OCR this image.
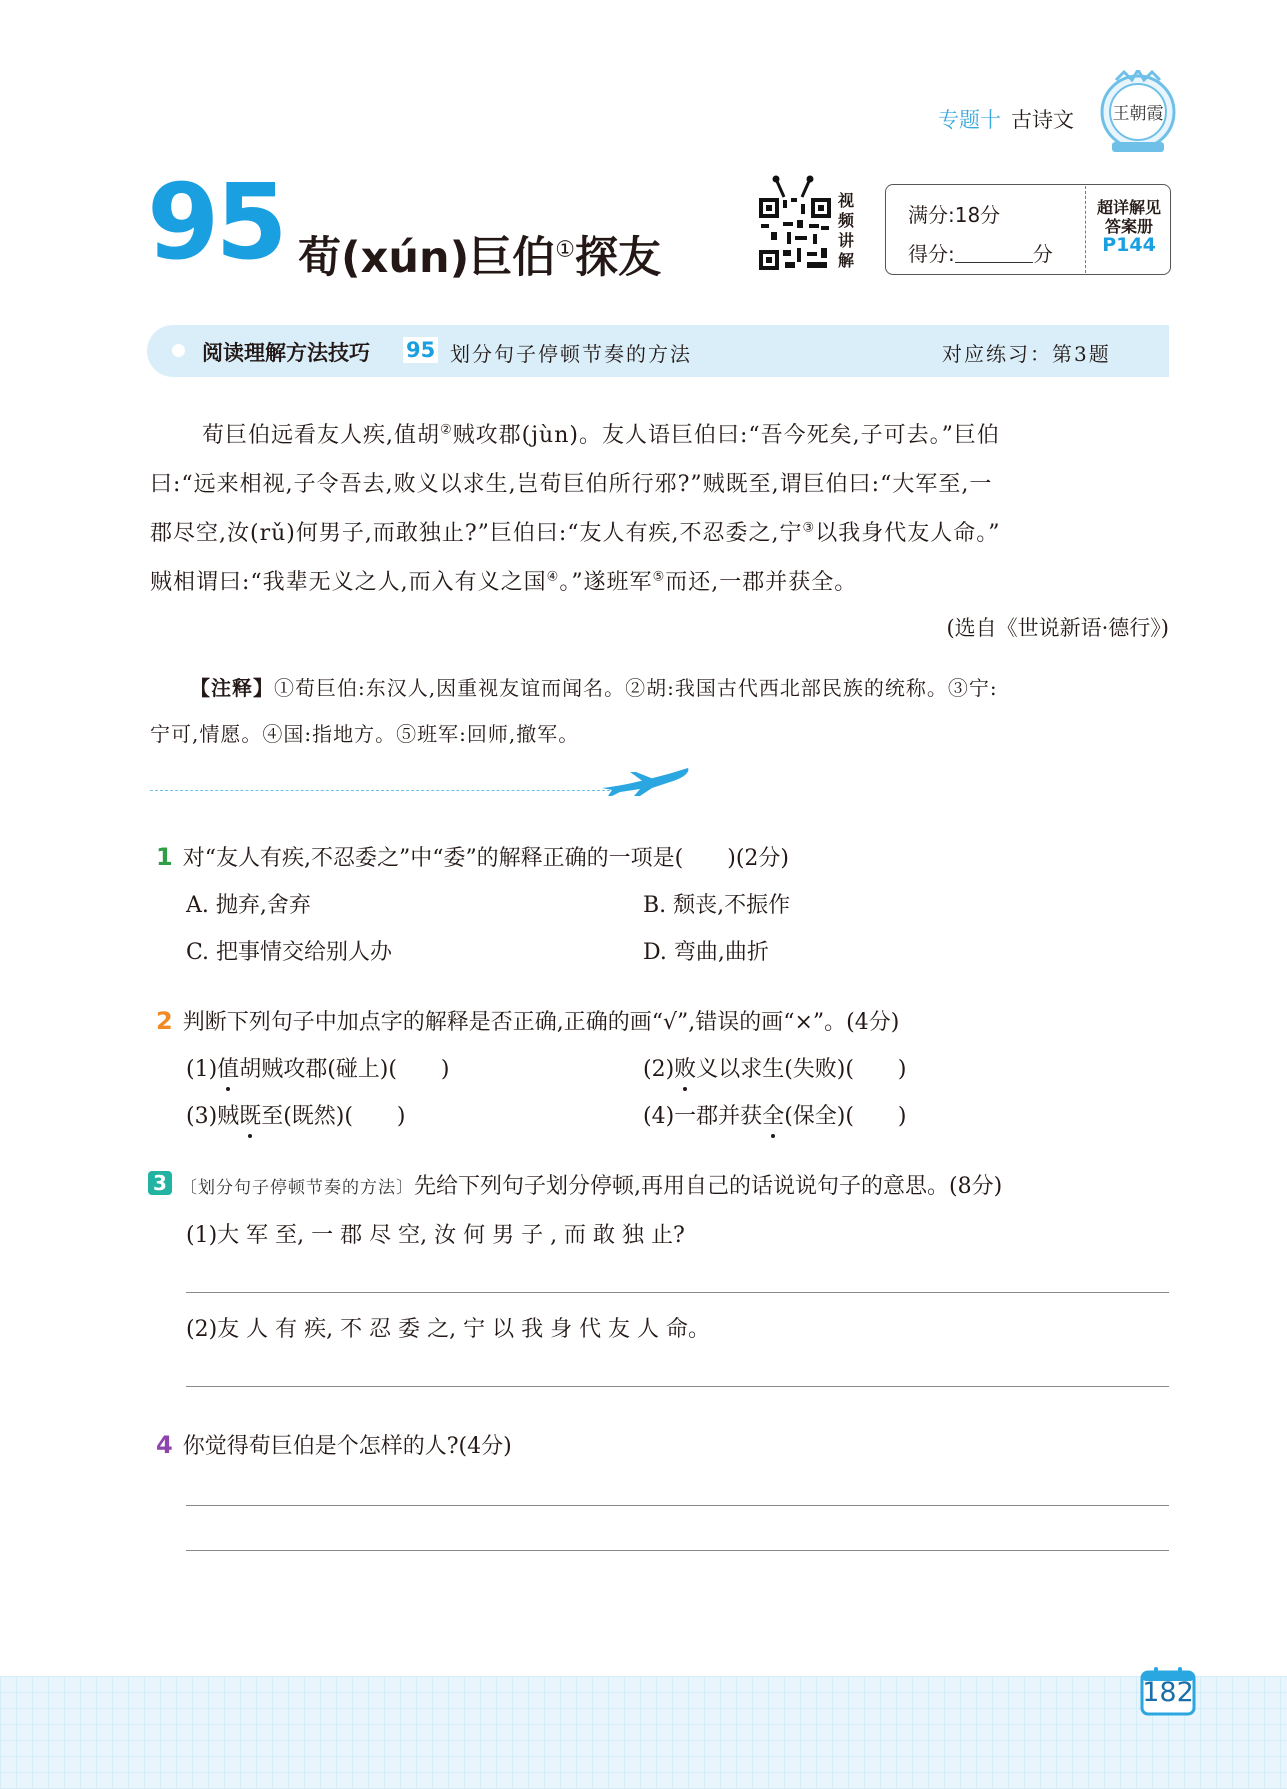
专题十 古诗文 王朝霞
95 荀(xún)巨伯①探友
视
频
讲
解
满分:18分
得分:	分
超详解见
答案册
P144
阅读理解方法技巧 95 划分句子停顿节奏的方法	对应练习：第3题
荀巨伯远看友人疾,值胡②贼攻郡(jùn)。友人语巨伯曰:“吾今死矣,子可去。”巨伯
曰:“远来相视,子令吾去,败义以求生,岂荀巨伯所行邪?”贼既至,谓巨伯曰:“大军至,一
郡尽空,汝(rǔ)何男子,而敢独止?”巨伯曰:“友人有疾,不忍委之,宁③以我身代友人命。”
贼相谓曰:“我辈无义之人,而入有义之国④。”遂班军⑤而还,一郡并获全。
(选自《世说新语·德行》)
【注释】①荀巨伯:东汉人,因重视友谊而闻名。②胡:我国古代西北部民族的统称。③宁:
宁可,情愿。④国:指地方。⑤班军:回师,撤军。
1 对“友人有疾,不忍委之”中“委”的解释正确的一项是(　　)(2分)
A. 抛弃,舍弃	B. 颓丧,不振作
C. 把事情交给别人办	D. 弯曲,曲折
2 判断下列句子中加点字的解释是否正确,正确的画“√”,错误的画“×”。(4分)
(1)值胡贼攻郡(碰上)(　　)	(2)败义以求生(失败)(　　)
(3)贼既至(既然)(　　)	(4)一郡并获全(保全)(　　)
3 〔划分句子停顿节奏的方法〕先给下列句子划分停顿,再用自己的话说说句子的意思。(8分)
(1)大 军 至, 一 郡 尽 空, 汝 何 男 子 , 而 敢 独 止?
(2)友 人 有 疾, 不 忍 委 之, 宁 以 我 身 代 友 人 命。
4 你觉得荀巨伯是个怎样的人?(4分)
182
